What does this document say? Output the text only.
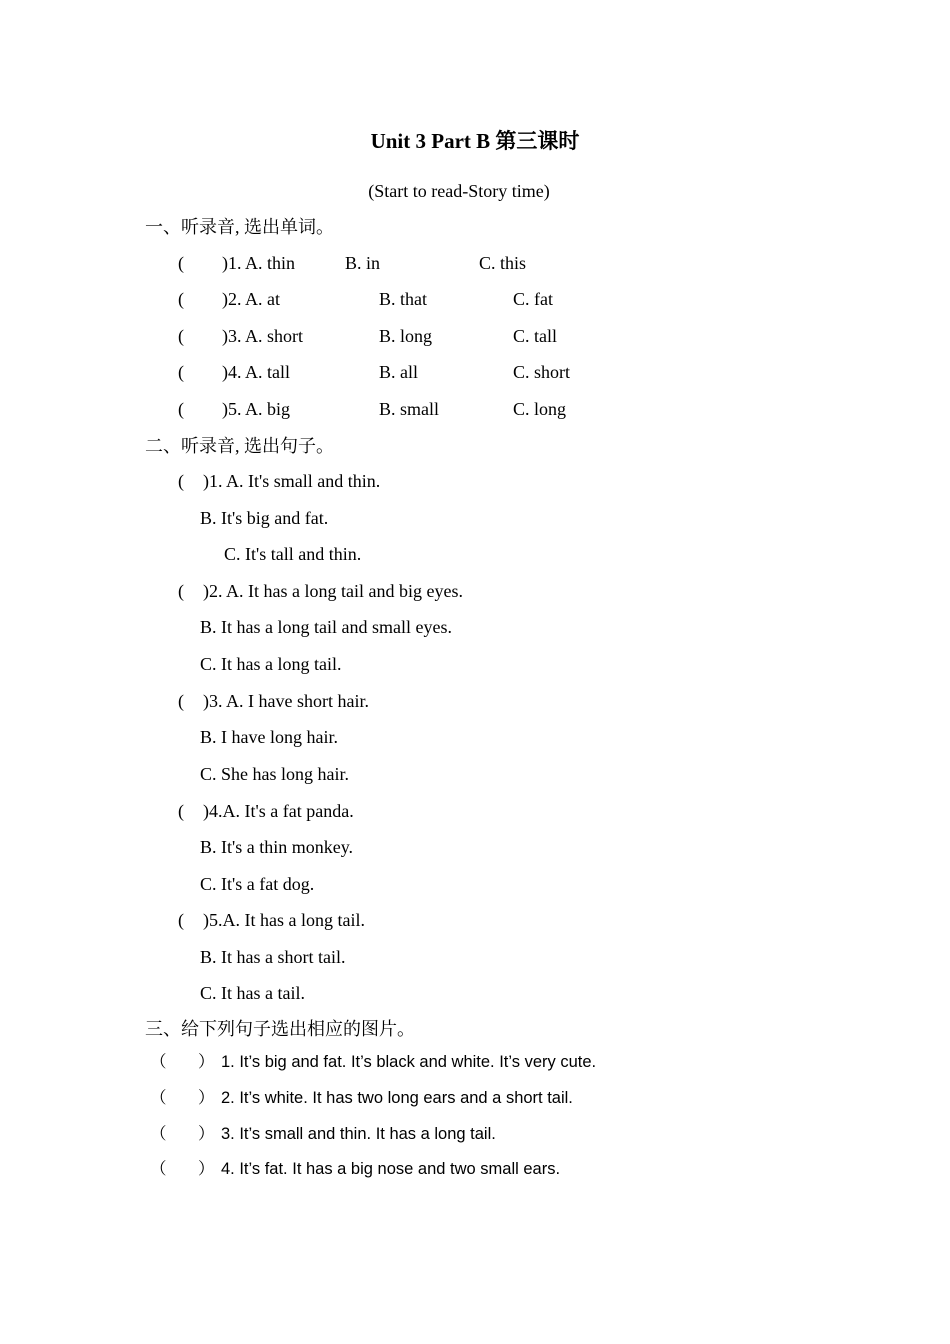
Unit 3 Part B 第三课时
(Start to read-Story time)
一、听录音, 选出单词。
( )1. A. thin	B. in	C. this
( )2. A. at	B. that	C. fat
( )3. A. short	B. long	C. tall
( )4. A. tall	B. all	C. short
( )5. A. big	B. small	C. long
二、听录音, 选出句子。
( )1. A. It's small and thin.
B. It's big and fat.
C. It's tall and thin.
( )2. A. It has a long tail and big eyes.
B. It has a long tail and small eyes.
C. It has a long tail.
( )3. A. I have short hair.
B. I have long hair.
C. She has long hair.
( )4.A. It's a fat panda.
B. It's a thin monkey.
C. It's a fat dog.
( )5.A. It has a long tail.
B. It has a short tail.
C. It has a tail.
三、给下列句子选出相应的图片。
（ ） 1. It’s big and fat. It’s black and white. It’s very cute.
（ ） 2. It’s white. It has two long ears and a short tail.
（ ） 3. It’s small and thin. It has a long tail.
（ ） 4. It’s fat. It has a big nose and two small ears.
